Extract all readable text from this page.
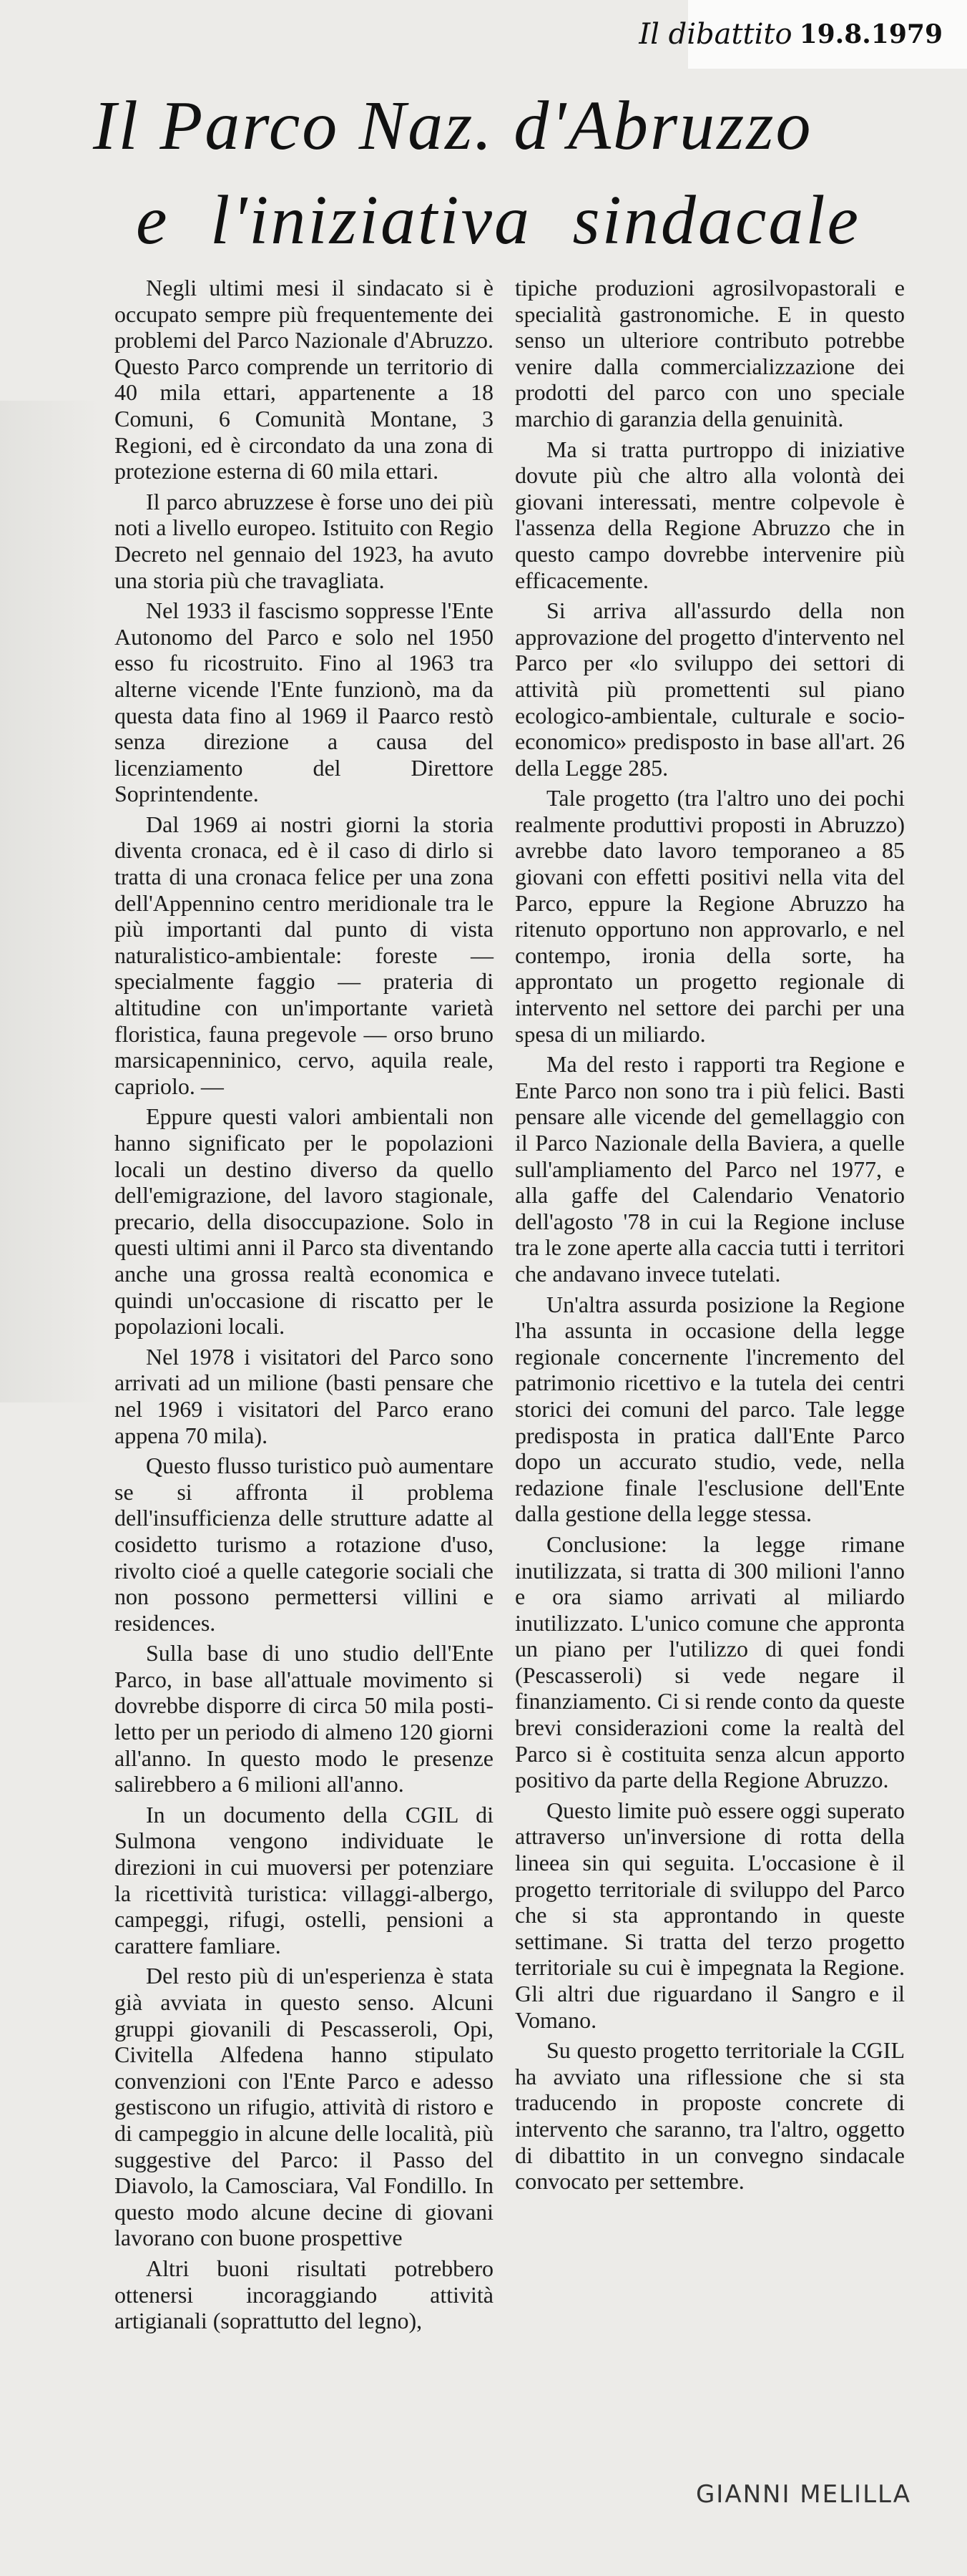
Il dibattito 19.8.1979
Il Parco Naz. d'Abruzzo
e l'iniziativa sindacale

Negli ultimi mesi il sindacato si è occupato sempre più frequentemente dei problemi del Parco Nazionale d'Abruzzo. Questo Parco comprende un territorio di 40 mila ettari, appartenente a 18 Comuni, 6 Comunità Montane, 3 Regioni, ed è circondato da una zona di protezione esterna di 60 mila ettari.

Il parco abruzzese è forse uno dei più noti a livello europeo. Istituito con Regio Decreto nel gennaio del 1923, ha avuto una storia più che travagliata.

Nel 1933 il fascismo soppresse l'Ente Autonomo del Parco e solo nel 1950 esso fu ricostruito. Fino al 1963 tra alterne vicende l'Ente funzionò, ma da questa data fino al 1969 il Paarco restò senza direzione a causa del licenziamento del Direttore Soprintendente.

Dal 1969 ai nostri giorni la storia diventa cronaca, ed è il caso di dirlo si tratta di una cronaca felice per una zona dell'Appennino centro meridionale tra le più importanti dal punto di vista naturalistico-ambientale: foreste — specialmente faggio — prateria di altitudine con un'importante varietà floristica, fauna pregevole — orso bruno marsicapenninico, cervo, aquila reale, capriolo. —

Eppure questi valori ambientali non hanno significato per le popolazioni locali un destino diverso da quello dell'emigrazione, del lavoro stagionale, precario, della disoccupazione. Solo in questi ultimi anni il Parco sta diventando anche una grossa realtà economica e quindi un'occasione di riscatto per le popolazioni locali.

Nel 1978 i visitatori del Parco sono arrivati ad un milione (basti pensare che nel 1969 i visitatori del Parco erano appena 70 mila).

Questo flusso turistico può aumentare se si affronta il problema dell'insufficienza delle strutture adatte al cosidetto turismo a rotazione d'uso, rivolto cioé a quelle categorie sociali che non possono permettersi villini e residences.

Sulla base di uno studio dell'Ente Parco, in base all'attuale movimento si dovrebbe disporre di circa 50 mila posti-letto per un periodo di almeno 120 giorni all'anno. In questo modo le presenze salirebbero a 6 milioni all'anno.

In un documento della CGIL di Sulmona vengono individuate le direzioni in cui muoversi per potenziare la ricettività turistica: villaggi-albergo, campeggi, rifugi, ostelli, pensioni a carattere famliare.

Del resto più di un'esperienza è stata già avviata in questo senso. Alcuni gruppi giovanili di Pescasseroli, Opi, Civitella Alfedena hanno stipulato convenzioni con l'Ente Parco e adesso gestiscono un rifugio, attività di ristoro e di campeggio in alcune delle località, più suggestive del Parco: il Passo del Diavolo, la Camosciara, Val Fondillo. In questo modo alcune decine di giovani lavorano con buone prospettive

Altri buoni risultati potrebbero ottenersi incoraggiando attività artigianali (soprattutto del legno),

tipiche produzioni agrosilvopastorali e specialità gastronomiche. E in questo senso un ulteriore contributo potrebbe venire dalla commercializzazione dei prodotti del parco con uno speciale marchio di garanzia della genuinità.

Ma si tratta purtroppo di iniziative dovute più che altro alla volontà dei giovani interessati, mentre colpevole è l'assenza della Regione Abruzzo che in questo campo dovrebbe intervenire più efficacemente.

Si arriva all'assurdo della non approvazione del progetto d'intervento nel Parco per «lo sviluppo dei settori di attività più promettenti sul piano ecologico-ambientale, culturale e socio-economico» predisposto in base all'art. 26 della Legge 285.

Tale progetto (tra l'altro uno dei pochi realmente produttivi proposti in Abruzzo) avrebbe dato lavoro temporaneo a 85 giovani con effetti positivi nella vita del Parco, eppure la Regione Abruzzo ha ritenuto opportuno non approvarlo, e nel contempo, ironia della sorte, ha approntato un progetto regionale di intervento nel settore dei parchi per una spesa di un miliardo.

Ma del resto i rapporti tra Regione e Ente Parco non sono tra i più felici. Basti pensare alle vicende del gemellaggio con il Parco Nazionale della Baviera, a quelle sull'ampliamento del Parco nel 1977, e alla gaffe del Calendario Venatorio dell'agosto '78 in cui la Regione incluse tra le zone aperte alla caccia tutti i territori che andavano invece tutelati.

Un'altra assurda posizione la Regione l'ha assunta in occasione della legge regionale concernente l'incremento del patrimonio ricettivo e la tutela dei centri storici dei comuni del parco. Tale legge predisposta in pratica dall'Ente Parco dopo un accurato studio, vede, nella redazione finale l'esclusione dell'Ente dalla gestione della legge stessa.

Conclusione: la legge rimane inutilizzata, si tratta di 300 milioni l'anno e ora siamo arrivati al miliardo inutilizzato. L'unico comune che approntа un piano per l'utilizzo di quei fondi (Pescasseroli) si vede negare il finanziamento. Ci si rende conto da queste brevi considerazioni come la realtà del Parco si è costituita senza alcun apporto positivo da parte della Regione Abruzzo.

Questo limite può essere oggi superato attraverso un'inversione di rotta della lineea sin qui seguita. L'occasione è il progetto territoriale di sviluppo del Parco che si sta approntando in queste settimane. Si tratta del terzo progetto territoriale su cui è impegnata la Regione. Gli altri due riguardano il Sangro e il Vomano.

Su questo progetto territoriale la CGIL ha avviato una riflessione che si sta traducendo in proposte concrete di intervento che saranno, tra l'altro, oggetto di dibattito in un convegno sindacale convocato per settembre.

GIANNI MELILLA
